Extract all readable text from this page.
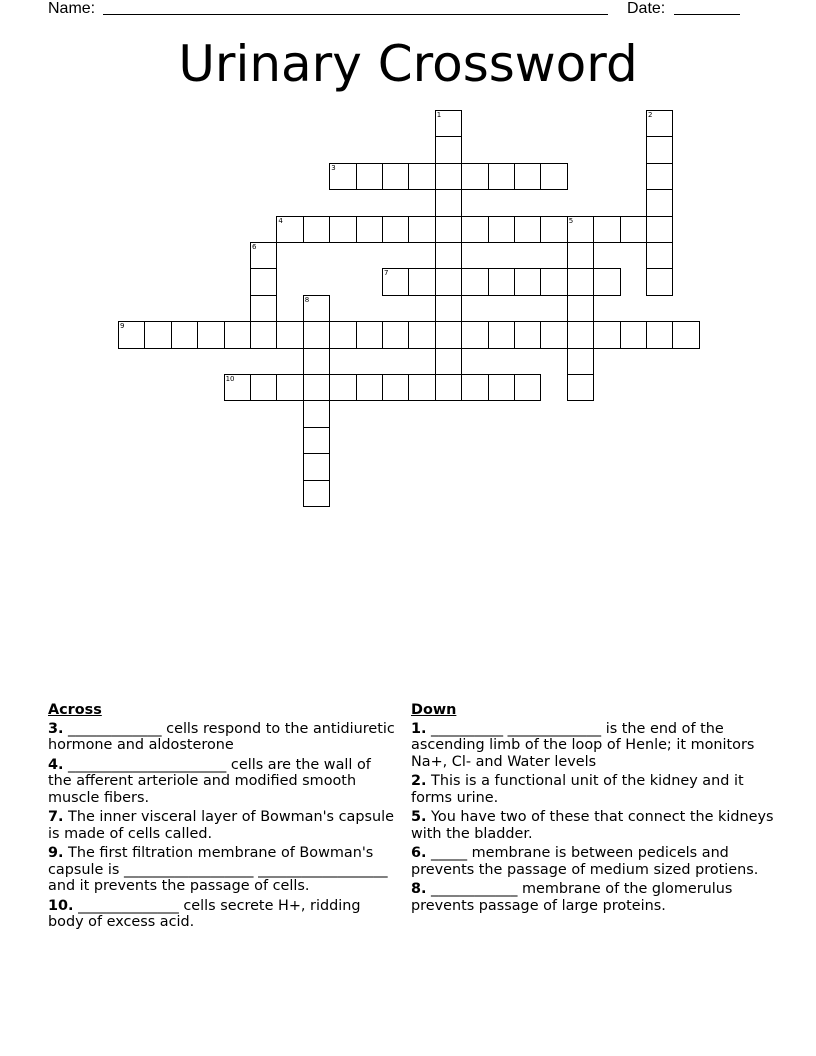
Name:	Date:
Urinary Crossword
1	2
3
4	5
6
7
8
9
10
Across
3. _____________ cells respond to the antidiuretic hormone and aldosterone
4. ______________________ cells are the wall of the afferent arteriole and modified smooth muscle fibers.
7. The inner visceral layer of Bowman's capsule is made of cells called.
9. The first filtration membrane of Bowman's capsule is __________________ __________________ and it prevents the passage of cells.
10. ______________ cells secrete H+, ridding body of excess acid.
Down
1. __________ _____________ is the end of the ascending limb of the loop of Henle; it monitors Na+, Cl- and Water levels
2. This is a functional unit of the kidney and it forms urine.
5. You have two of these that connect the kidneys with the bladder.
6. _____ membrane is between pedicels and prevents the passage of medium sized protiens.
8. ____________ membrane of the glomerulus prevents passage of large proteins.
